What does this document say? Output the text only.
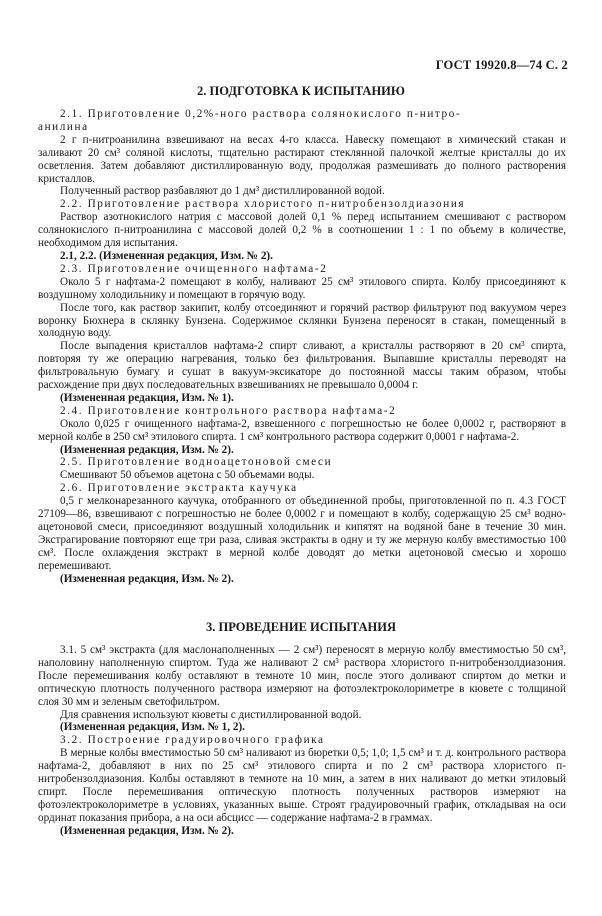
ГОСТ 19920.8—74 С. 2
2. ПОДГОТОВКА К ИСПЫТАНИЮ

2.1. Приготовление 0,2%-ного раствора солянокислого п-нитро-

анилина

2 г п-нитроанилина взвешивают на весах 4-го класса. Навеску помещают в химический стакан и заливают 20 см³ соляной кислоты, тщательно растирают стеклянной палочкой желтые кристаллы до их осветления. Затем добавляют дистиллированную воду, продолжая размешивать до полного растворения кристаллов.

Полученный раствор разбавляют до 1 дм³ дистиллированной водой.

2.2. Приготовление раствора хлористого п-нитробензолдиазония

Раствор азотнокислого натрия с массовой долей 0,1 % перед испытанием смешивают с раствором солянокислого п-нитроанилина с массовой долей 0,2 % в соотношении 1 : 1 по объему в количестве, необходимом для испытания.

2.1, 2.2. (Измененная редакция, Изм. № 2).

2.3. Приготовление очищенного нафтама-2

Около 5 г нафтама-2 помещают в колбу, наливают 25 см³ этилового спирта. Колбу присоединяют к воздушному холодильнику и помещают в горячую воду.

После того, как раствор закипит, колбу отсоединяют и горячий раствор фильтруют под вакуумом через воронку Бюхнера в склянку Бунзена. Содержимое склянки Бунзена переносят в стакан, помещенный в холодную воду.

После выпадения кристаллов нафтама-2 спирт сливают, а кристаллы растворяют в 20 см³ спирта, повторяя ту же операцию нагревания, только без фильтрования. Выпавшие кристаллы переводят на фильтровальную бумагу и сушат в вакуум-эксикаторе до постоянной массы таким образом, чтобы расхождение при двух последовательных взвешиваниях не превышало 0,0004 г.

(Измененная редакция, Изм. № 1).

2.4. Приготовление контрольного раствора нафтама-2

Около 0,025 г очищенного нафтама-2, взвешенного с погрешностью не более 0,0002 г, растворяют в мерной колбе в 250 см³ этилового спирта. 1 см³ контрольного раствора содержит 0,0001 г нафтама-2.

(Измененная редакция, Изм. № 2).

2.5. Приготовление водноацетоновой смеси

Смешивают 50 объемов ацетона с 50 объемами воды.

2.6. Приготовление экстракта каучука

0,5 г мелконарезанного каучука, отобранного от объединенной пробы, приготовленной по п. 4.3 ГОСТ 27109—86, взвешивают с погрешностью не более 0,0002 г и помещают в колбу, содержащую 25 см³ водно-ацетоновой смеси, присоединяют воздушный холодильник и кипятят на водяной бане в течение 30 мин. Экстрагирование повторяют еще три раза, сливая экстракты в одну и ту же мерную колбу вместимостью 100 см³. После охлаждения экстракт в мерной колбе доводят до метки ацетоновой смесью и хорошо перемешивают.

(Измененная редакция, Изм. № 2).

3. ПРОВЕДЕНИЕ ИСПЫТАНИЯ

3.1. 5 см³ экстракта (для маслонаполненных — 2 см³) переносят в мерную колбу вместимостью 50 см³, наполовину наполненную спиртом. Туда же наливают 2 см³ раствора хлористого п-нитробензолдиазония. После перемешивания колбу оставляют в темноте 10 мин, после этого доливают спиртом до метки и оптическую плотность полученного раствора измеряют на фотоэлектроколориметре в кювете с толщиной слоя 30 мм и зеленым светофильтром.

Для сравнения используют кюветы с дистиллированной водой.

(Измененная редакция, Изм. № 1, 2).

3.2. Построение градуировочного графика

В мерные колбы вместимостью 50 см³ наливают из бюретки 0,5; 1,0; 1,5 см³ и т. д. контрольного раствора нафтама-2, добавляют в них по 25 см³ этилового спирта и по 2 см³ раствора хлористого п-нитробензолдиазония. Колбы оставляют в темноте на 10 мин, а затем в них наливают до метки этиловый спирт. После перемешивания оптическую плотность полученных растворов измеряют на фотоэлектроколориметре в условиях, указанных выше. Строят градуировочный график, откладывая на оси ординат показания прибора, а на оси абсцисс — содержание нафтама-2 в граммах.

(Измененная редакция, Изм. № 2).
